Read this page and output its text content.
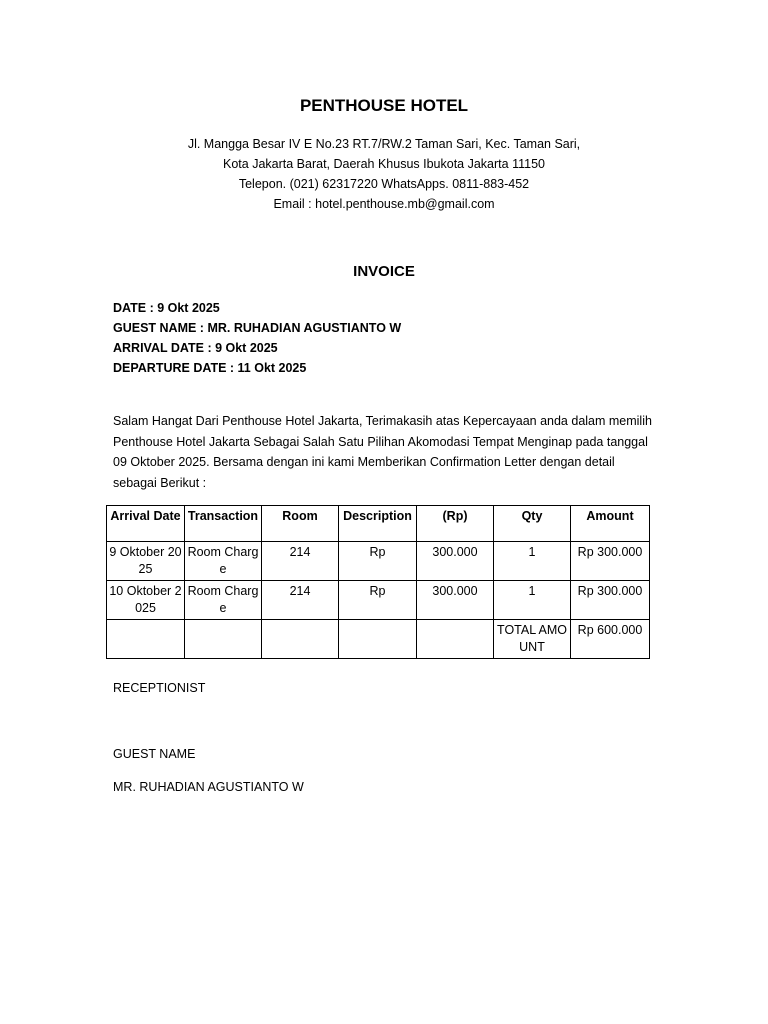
PENTHOUSE HOTEL
Jl. Mangga Besar IV E No.23 RT.7/RW.2 Taman Sari, Kec. Taman Sari,
Kota Jakarta Barat, Daerah Khusus Ibukota Jakarta 11150
Telepon. (021) 62317220 WhatsApps. 0811-883-452
Email : hotel.penthouse.mb@gmail.com
INVOICE
DATE : 9 Okt 2025
GUEST NAME : MR. RUHADIAN AGUSTIANTO W
ARRIVAL DATE : 9 Okt 2025
DEPARTURE DATE : 11 Okt 2025
Salam Hangat Dari Penthouse Hotel Jakarta, Terimakasih atas Kepercayaan anda dalam memilih Penthouse Hotel Jakarta Sebagai Salah Satu Pilihan Akomodasi Tempat Menginap pada tanggal 09 Oktober 2025. Bersama dengan ini kami Memberikan Confirmation Letter dengan detail sebagai Berikut :
Arrival Date	Transaction	Room	Description	(Rp)	Qty	Amount
9 Oktober 2025	Room Charge	214	Rp	300.000	1	Rp 300.000
10 Oktober 2025	Room Charge	214	Rp	300.000	1	Rp 300.000
					TOTAL AMOUNT	Rp 600.000
RECEPTIONIST
GUEST NAME
MR. RUHADIAN AGUSTIANTO W
